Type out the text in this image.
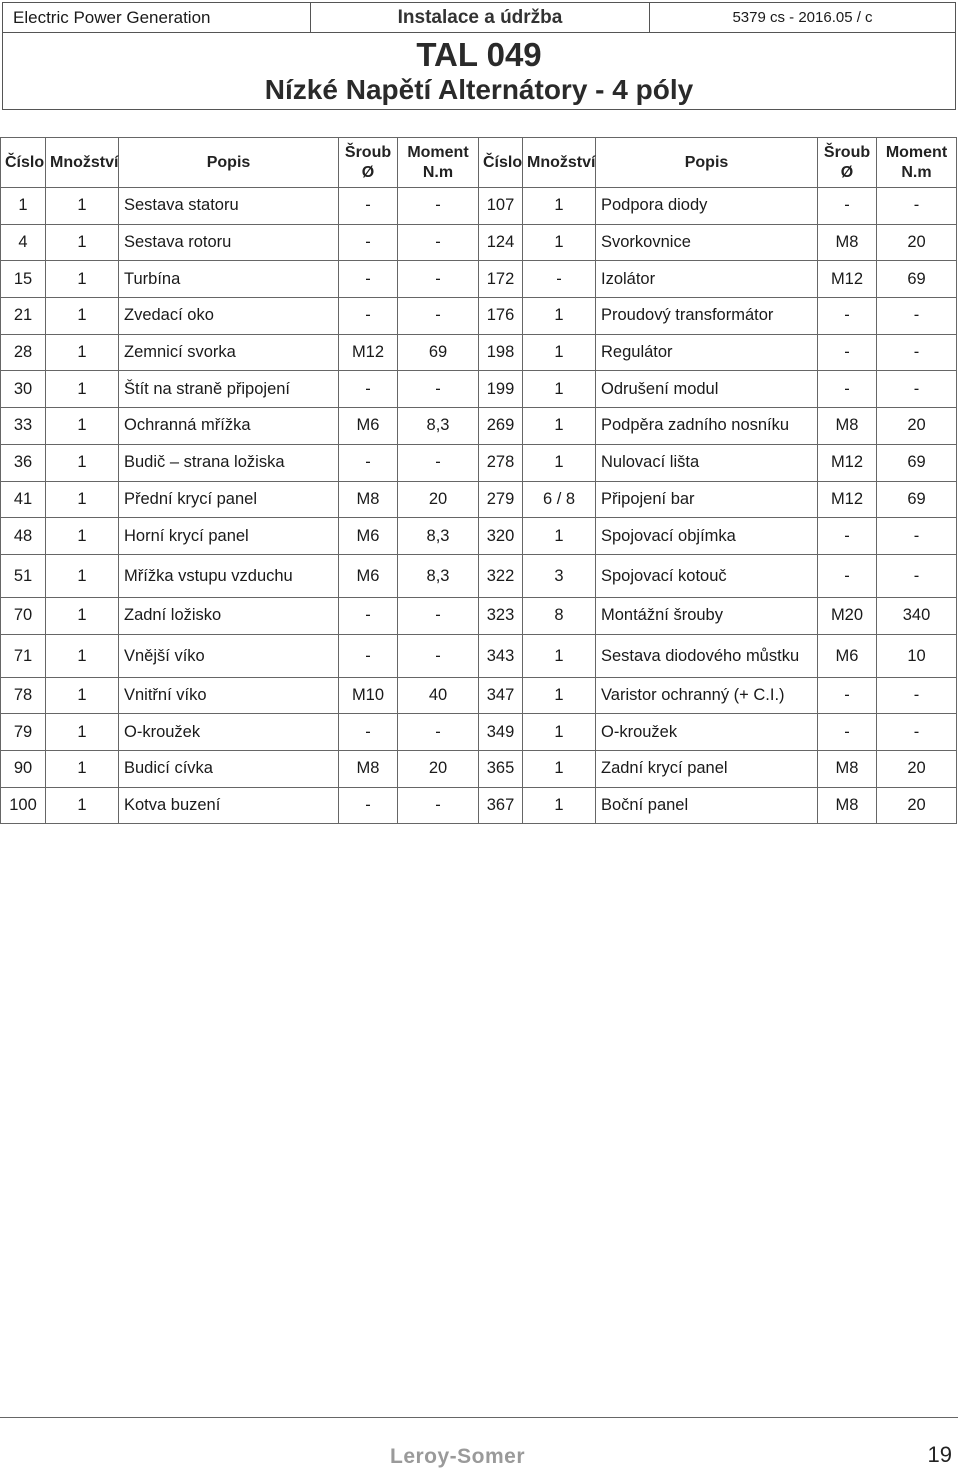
Electric Power Generation	Instalace a údržba	5379 cs - 2016.05 / c
TAL 049
Nízké Napětí Alternátory - 4 póly
Číslo	Množství	Popis	Šroub Ø	Moment N.m	Číslo	Množství	Popis	Šroub Ø	Moment N.m
1	1	Sestava statoru	-	-	107	1	Podpora diody	-	-
4	1	Sestava rotoru	-	-	124	1	Svorkovnice	M8	20
15	1	Turbína	-	-	172	-	Izolátor	M12	69
21	1	Zvedací oko	-	-	176	1	Proudový transformátor	-	-
28	1	Zemnicí svorka	M12	69	198	1	Regulátor	-	-
30	1	Štít na straně připojení	-	-	199	1	Odrušení modul	-	-
33	1	Ochranná mřížka	M6	8,3	269	1	Podpěra zadního nosníku	M8	20
36	1	Budič – strana ložiska	-	-	278	1	Nulovací lišta	M12	69
41	1	Přední krycí panel	M8	20	279	6 / 8	Připojení bar	M12	69
48	1	Horní krycí panel	M6	8,3	320	1	Spojovací objímka	-	-
51	1	Mřížka vstupu vzduchu	M6	8,3	322	3	Spojovací kotouč	-	-
70	1	Zadní ložisko	-	-	323	8	Montážní šrouby	M20	340
71	1	Vnější víko	-	-	343	1	Sestava diodového můstku	M6	10
78	1	Vnitřní víko	M10	40	347	1	Varistor ochranný (+ C.I.)	-	-
79	1	O-kroužek	-	-	349	1	O-kroužek	-	-
90	1	Budicí cívka	M8	20	365	1	Zadní krycí panel	M8	20
100	1	Kotva buzení	-	-	367	1	Boční panel	M8	20
Leroy-Somer	19
